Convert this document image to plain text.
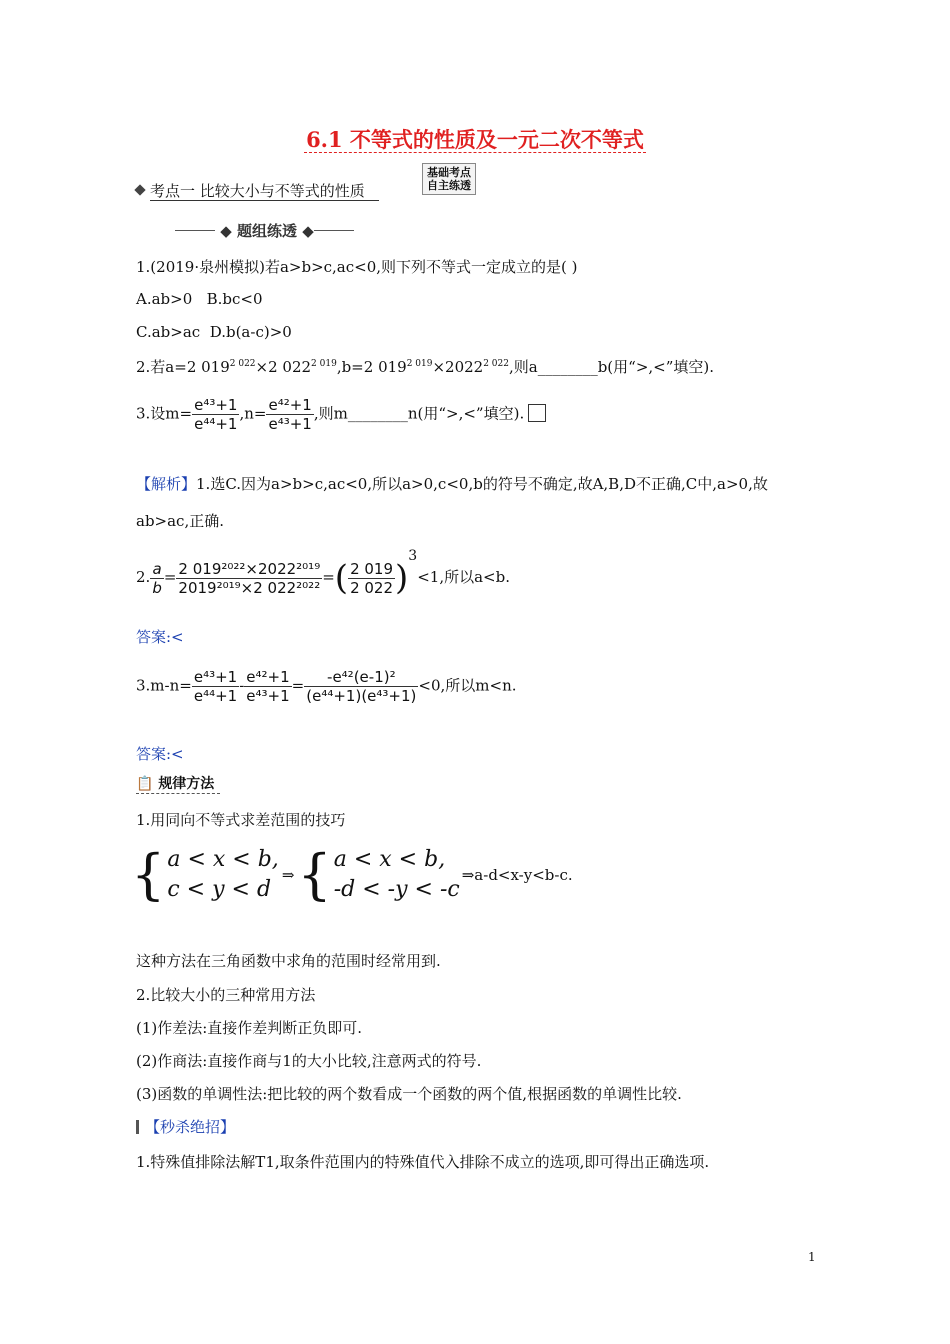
6.1 不等式的性质及一元二次不等式
考点一 比较大小与不等式的性质
基础考点
自主练透
◆ 题组练透 ◆
1.(2019·泉州模拟)若a>b>c,ac<0,则下列不等式一定成立的是( )
A.ab>0 B.bc<0
C.ab>ac D.b(a-c)>0
2.若a=2 $019^{2 022}\times 2$ $022^{2 019},b=2$ $019^{2 019}\times 2022^{2 022}$,则a________b(用“>,<”填空).
3.设$m= \frac{\text{e⁴³+1}}{\text{e⁴⁴+1}} ,n= \frac{\text{e⁴²+1}}{\text{e⁴³+1}}$ ,则m________n(用“>,<”填空).
【解析】1.选C.因为a>b>c,ac<0,所以a>0,c<0,b的符号不确定,故A,B,D不正确,C中,a>0,故
ab>ac,正确.
2. $\frac{a}{b} = \frac{\text{2 019²⁰²²×2022²⁰¹⁹}}{\text{2019²⁰¹⁹×2 022²⁰²²}}$ =( $\frac{2 019}{2 022} )^3<1$,所以a<b.
答案:<
$3.m-n= \frac{\text{e⁴³+1}}{\text{e⁴⁴+1}} - \frac{\text{e⁴²+1}}{\text{e⁴³+1}} = \frac{\text{-e⁴²(e-1)²}}{\text{(e⁴⁴+1)(e⁴³+1)}} <0$,所以m<n.
答案:<
📋 规律方法
1.用同向不等式求差范围的技巧
{	a < x < b,
c < y < d
	⇒	{	a < x < b,
-d < -y < -c
	⇒a-d<x-y<b-c.
这种方法在三角函数中求角的范围时经常用到.
2.比较大小的三种常用方法
(1)作差法:直接作差判断正负即可.
(2)作商法:直接作商与1的大小比较,注意两式的符号.
(3)函数的单调性法:把比较的两个数看成一个函数的两个值,根据函数的单调性比较.
【秒杀绝招】
1.特殊值排除法解T1,取条件范围内的特殊值代入排除不成立的选项,即可得出正确选项.
1
